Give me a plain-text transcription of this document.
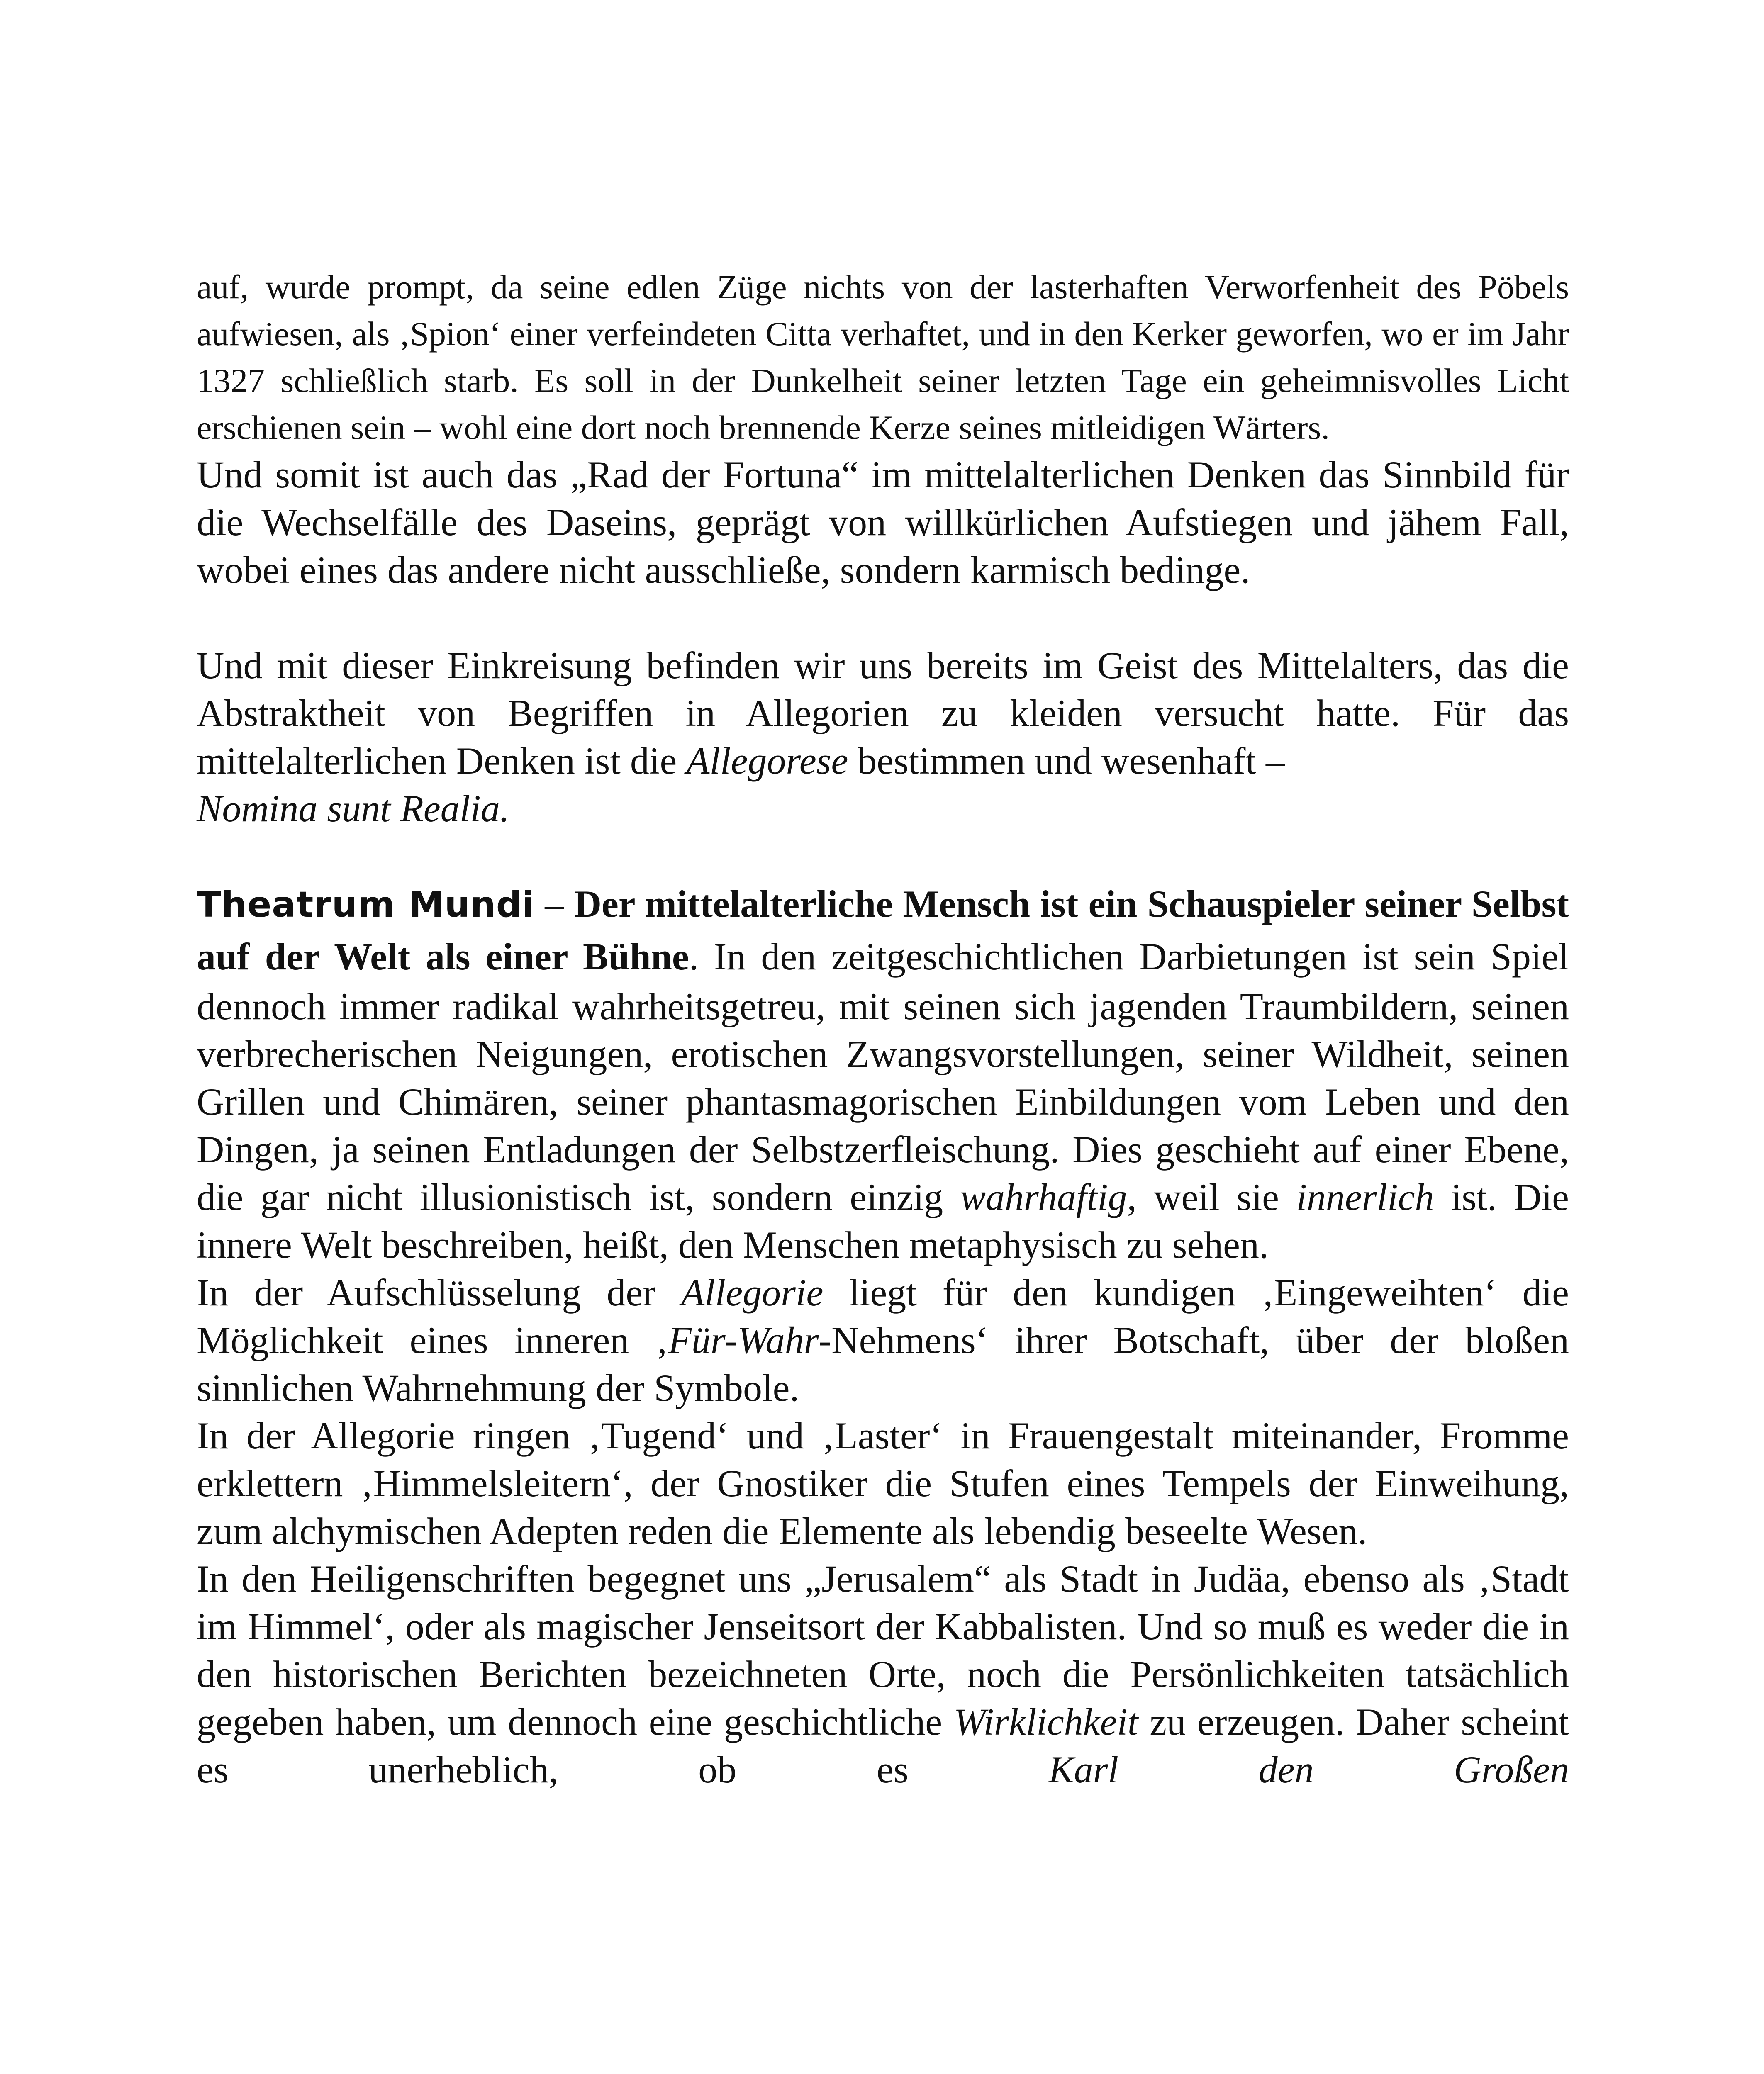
auf, wurde prompt, da seine edlen Züge nichts von der lasterhaften Verworfenheit des Pöbels aufwiesen, als ‚Spion‘ einer verfeindeten Citta verhaftet, und in den Kerker geworfen, wo er im Jahr 1327 schließlich starb. Es soll in der Dunkelheit seiner letzten Tage ein geheimnisvolles Licht erschienen sein – wohl eine dort noch brennende Kerze seines mitleidigen Wärters.

Und somit ist auch das „Rad der Fortuna“ im mittelalterlichen Denken das Sinnbild für die Wechselfälle des Daseins, geprägt von willkürlichen Aufstiegen und jähem Fall, wobei eines das andere nicht ausschließe, sondern karmisch bedinge.

Und mit dieser Einkreisung befinden wir uns bereits im Geist des Mittelalters, das die Abstraktheit von Begriffen in Allegorien zu kleiden versucht hatte. Für das mittelalterlichen Denken ist die Allegorese bestimmen und wesenhaft –
Nomina sunt Realia.

Theatrum Mundi – Der mittelalterliche Mensch ist ein Schauspieler seiner Selbst auf der Welt als einer Bühne. In den zeitgeschichtlichen Darbietungen ist sein Spiel dennoch immer radikal wahrheitsgetreu, mit seinen sich jagenden Traumbildern, seinen verbrecherischen Neigungen, erotischen Zwangsvorstellungen, seiner Wildheit, seinen Grillen und Chimären, seiner phantasmagorischen Einbildungen vom Leben und den Dingen, ja seinen Entladungen der Selbstzerfleischung. Dies geschieht auf einer Ebene, die gar nicht illusionistisch ist, sondern einzig wahrhaftig, weil sie innerlich ist. Die innere Welt beschreiben, heißt, den Menschen metaphysisch zu sehen.

In der Aufschlüsselung der Allegorie liegt für den kundigen ‚Eingeweihten‘ die Möglichkeit eines inneren ‚Für-Wahr-Nehmens‘ ihrer Botschaft, über der bloßen sinnlichen Wahrnehmung der Symbole.

In der Allegorie ringen ‚Tugend‘ und ‚Laster‘ in Frauengestalt miteinander, Fromme erklettern ‚Himmelsleitern‘, der Gnostiker die Stufen eines Tempels der Einweihung, zum alchymischen Adepten reden die Elemente als lebendig beseelte Wesen.

In den Heiligenschriften begegnet uns „Jerusalem“ als Stadt in Judäa, ebenso als ‚Stadt im Himmel‘, oder als magischer Jenseitsort der Kabbalisten. Und so muß es weder die in den historischen Berichten bezeichneten Orte, noch die Persönlichkeiten tatsächlich gegeben haben, um dennoch eine geschichtliche Wirklichkeit zu erzeugen. Daher scheint es unerheblich, ob es Karl den Großen
